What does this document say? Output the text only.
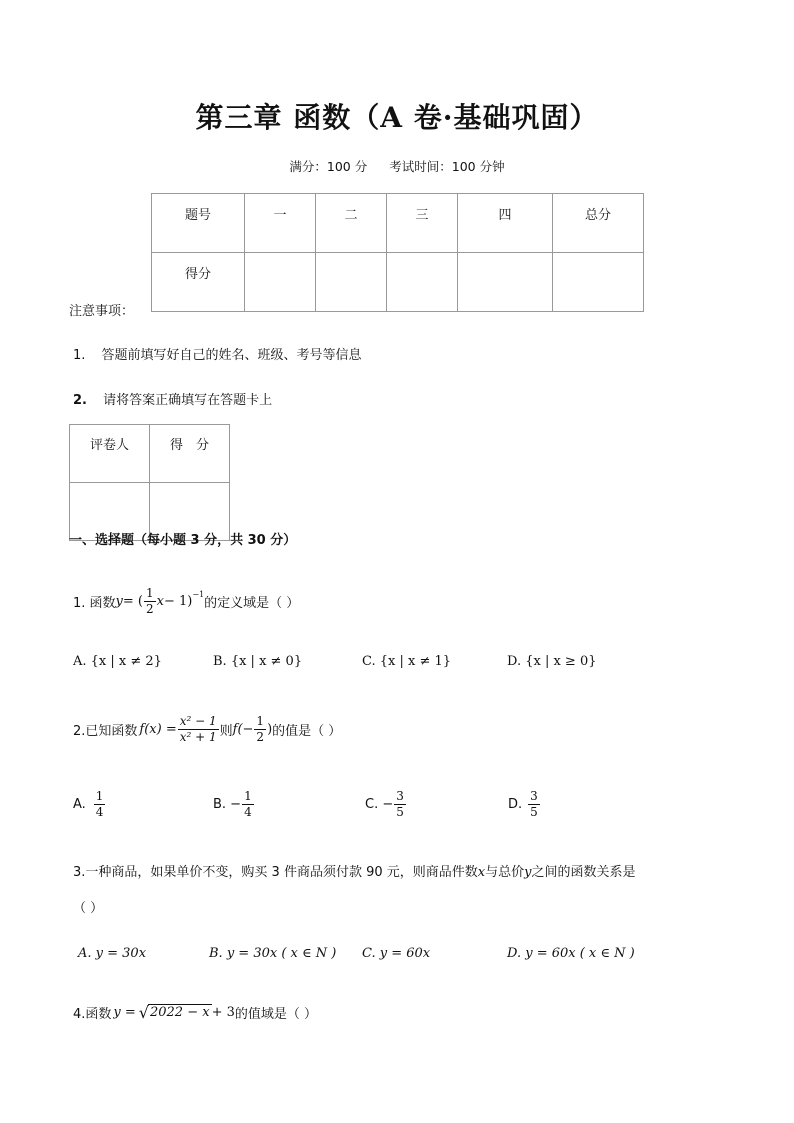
第三章 函数（A 卷·基础巩固）
满分：100 分 考试时间：100 分钟
题号	一	二	三	四	总分
得分					
注意事项：
1. 答题前填写好自己的姓名、班级、考号等信息
2. 请将答案正确填写在答题卡上
评卷人	得　分

一、选择题（每小题 3 分，共 30 分）
1. 函数 y = ( $\frac{1}{2}$ x − 1)$^{-1}$
的定义域是（ ）
A. {x | x ≠ 2}	B. {x | x ≠ 0}	C. {x | x ≠ 1}	D. {x | x ≥ 0}
2.已知函数 $f(x) = \frac{\text{x² − 1}}{\text{x² + 1}}$ 则 $f(- \frac{1}{2}$ ) 的值是（ ）
A. $\frac{1}{4}$	B. − $\frac{1}{4}$	C. − $\frac{3}{5}$	D. $\frac{3}{5}$
3.一种商品，如果单价不变，购买 3 件商品须付款 90 元，则商品件数x与总价y之间的函数关系是
（ ）
A. y = 30x	B. y = 30x ( x ∈ N ) C. y = 60x	D. y = 60x ( x ∈ N )
4.函数 y = √ 2022 − x + 3 的值域是（ ）
